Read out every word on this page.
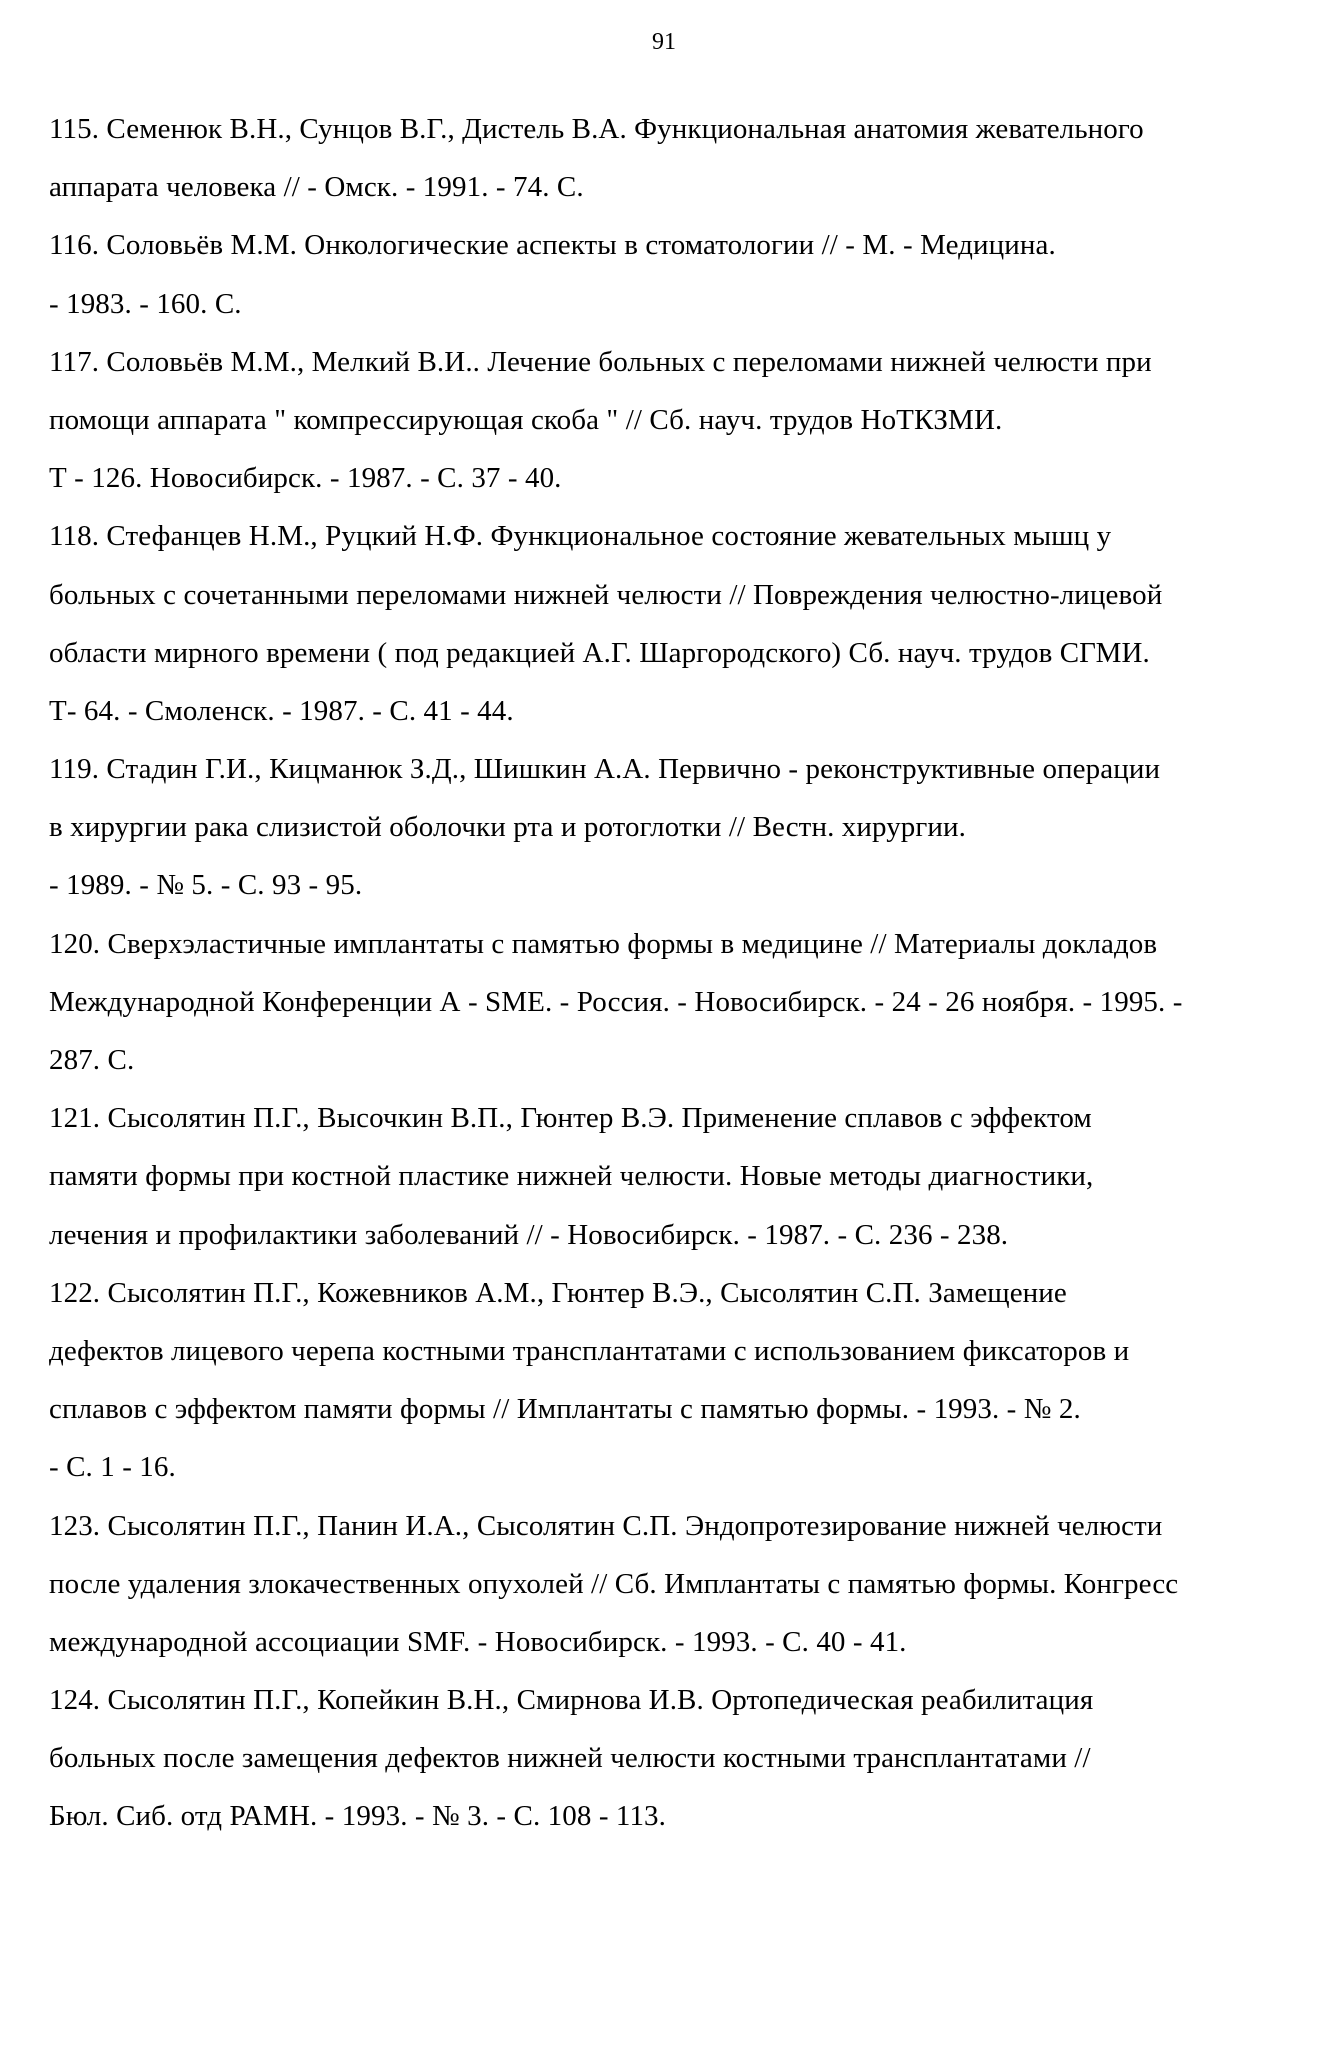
91
115. Семенюк В.Н., Сунцов В.Г., Дистель В.А. Функциональная анатомия жевательного
аппарата человека // - Омск. - 1991. - 74. С.
116. Соловьёв М.М. Онкологические аспекты в стоматологии // - М. - Медицина.
- 1983. - 160. С.
117. Соловьёв М.М., Мелкий В.И.. Лечение больных с переломами нижней челюсти при
помощи аппарата " компрессирующая скоба " // Сб. науч. трудов НоТКЗМИ.
Т - 126. Новосибирск. - 1987. - С. 37 - 40.
118. Стефанцев Н.М., Руцкий Н.Ф. Функциональное состояние жевательных мышц у
больных с сочетанными переломами нижней челюсти // Повреждения челюстно-лицевой
области мирного времени ( под редакцией А.Г. Шаргородского) Сб. науч. трудов СГМИ.
Т- 64. - Смоленск. - 1987. - С. 41 - 44.
119. Стадин Г.И., Кицманюк З.Д., Шишкин А.А. Первично - реконструктивные операции
в хирургии рака слизистой оболочки рта и ротоглотки // Вестн. хирургии.
- 1989. - № 5. - С. 93 - 95.
120. Сверхэластичные имплантаты с памятью формы в медицине // Материалы докладов
Международной Конференции А - SME. - Россия. - Новосибирск. - 24 - 26 ноября. - 1995. -
287. С.
121. Сысолятин П.Г., Высочкин В.П., Гюнтер В.Э. Применение сплавов с эффектом
памяти формы при костной пластике нижней челюсти. Новые методы диагностики,
лечения и профилактики заболеваний // - Новосибирск. - 1987. - С. 236 - 238.
122. Сысолятин П.Г., Кожевников А.М., Гюнтер В.Э., Сысолятин С.П. Замещение
дефектов лицевого черепа костными трансплантатами с использованием фиксаторов и
сплавов с эффектом памяти формы // Имплантаты с памятью формы. - 1993. - № 2.
- С. 1 - 16.
123. Сысолятин П.Г., Панин И.А., Сысолятин С.П. Эндопротезирование нижней челюсти
после удаления злокачественных опухолей // Сб. Имплантаты с памятью формы. Конгресс
международной ассоциации SMF. - Новосибирск. - 1993. - С. 40 - 41.
124. Сысолятин П.Г., Копейкин В.Н., Смирнова И.В. Ортопедическая реабилитация
больных после замещения дефектов нижней челюсти костными трансплантатами //
Бюл. Сиб. отд РАМН. - 1993. - № 3. - С. 108 - 113.
